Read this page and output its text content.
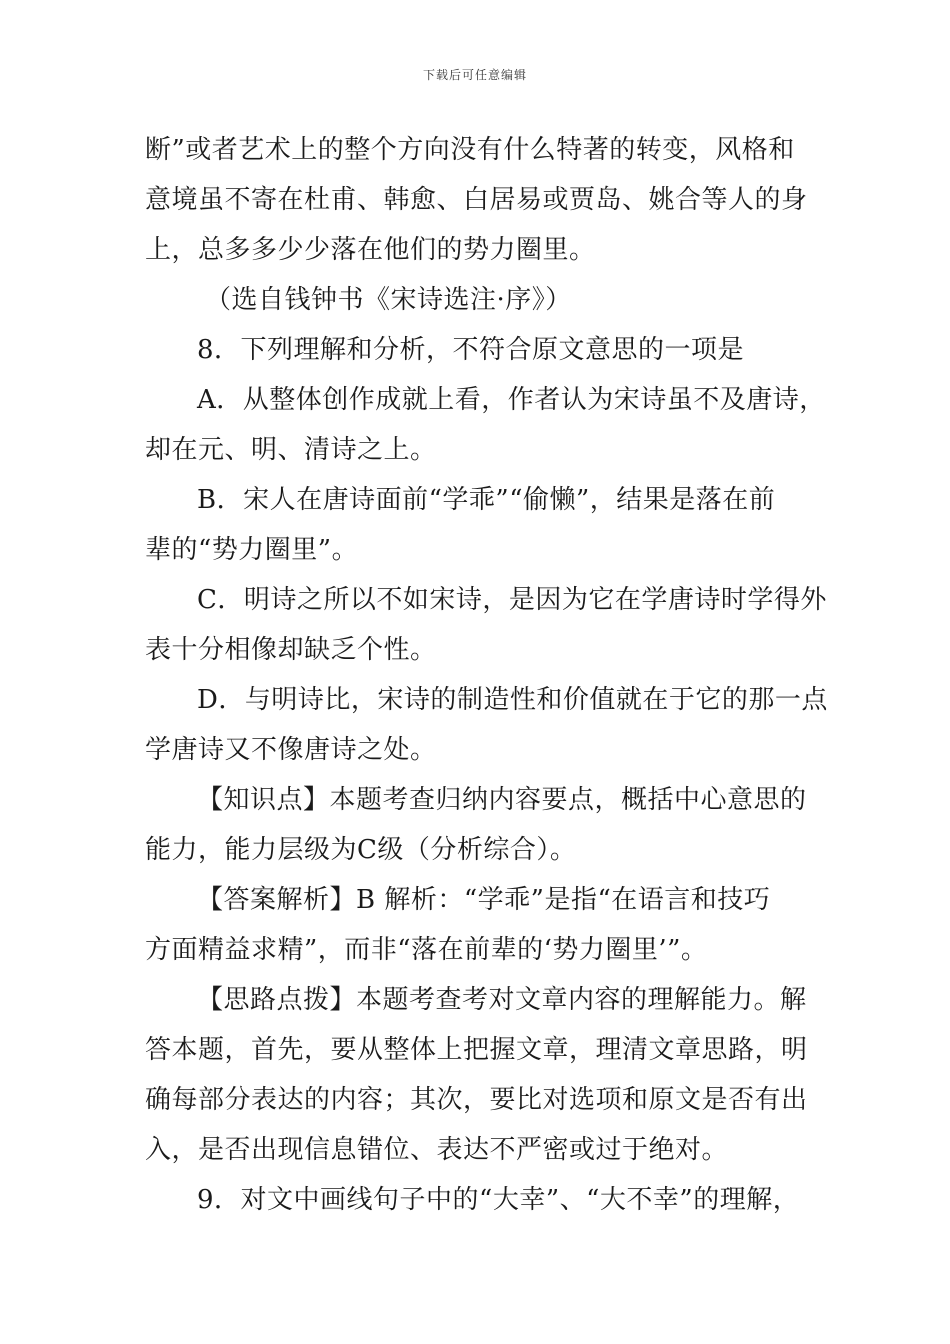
下载后可任意编辑
断”或者艺术上的整个方向没有什么特著的转变，风格和
意境虽不寄在杜甫、韩愈、白居易或贾岛、姚合等人的身
上，总多多少少落在他们的势力圈里。
（选自钱钟书《宋诗选注·序》）
8．下列理解和分析，不符合原文意思的一项是
A．从整体创作成就上看，作者认为宋诗虽不及唐诗，
却在元、明、清诗之上。
B．宋人在唐诗面前“学乖”“偷懒”，结果是落在前
辈的“势力圈里”。
C．明诗之所以不如宋诗，是因为它在学唐诗时学得外
表十分相像却缺乏个性。
D．与明诗比，宋诗的制造性和价值就在于它的那一点
学唐诗又不像唐诗之处。
【知识点】本题考查归纳内容要点，概括中心意思的
能力，能力层级为C级（分析综合）。
【答案解析】B 解析：“学乖”是指“在语言和技巧
方面精益求精”，而非“落在前辈的‘势力圈里’”。
【思路点拨】本题考查考对文章内容的理解能力。解
答本题，首先，要从整体上把握文章，理清文章思路，明
确每部分表达的内容；其次，要比对选项和原文是否有出
入，是否出现信息错位、表达不严密或过于绝对。
9．对文中画线句子中的“大幸”、“大不幸”的理解，
